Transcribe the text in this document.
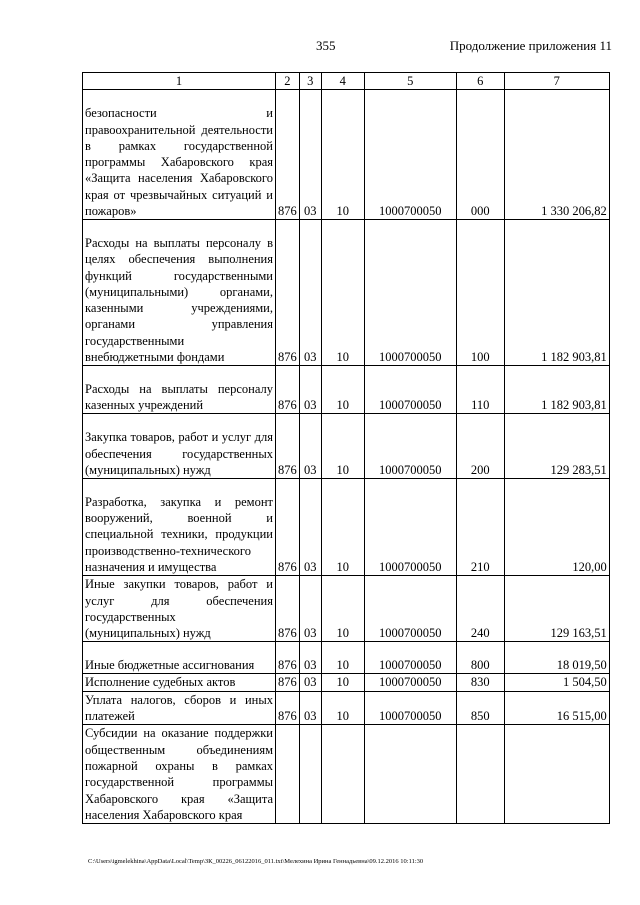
355	Продолжение приложения 11
1	2	3	4	5	6	7
безопасности и правоохранительной деятельности в рамках государственной программы Хабаровского края «Защита населения Хабаровского края от чрезвычайных ситуаций и пожаров»	876	03	10	1000700050	000	1 330 206,82
Расходы на выплаты персоналу в целях обеспечения выполнения функций государственными (муниципальными) органами, казенными учреждениями, органами управления государственными внебюджетными фондами	876	03	10	1000700050	100	1 182 903,81
Расходы на выплаты персоналу казенных учреждений	876	03	10	1000700050	110	1 182 903,81
Закупка товаров, работ и услуг для обеспечения государственных (муниципальных) нужд	876	03	10	1000700050	200	129 283,51
Разработка, закупка и ремонт вооружений, военной и специальной техники, продукции производственно-технического назначения и имущества	876	03	10	1000700050	210	120,00
Иные закупки товаров, работ и услуг для обеспечения государственных (муниципальных) нужд	876	03	10	1000700050	240	129 163,51
Иные бюджетные ассигнования	876	03	10	1000700050	800	18 019,50
Исполнение судебных актов	876	03	10	1000700050	830	1 504,50
Уплата налогов, сборов и иных платежей	876	03	10	1000700050	850	16 515,00
Субсидии на оказание поддержки общественным объединениям пожарной охраны в рамках государственной программы Хабаровского края «Защита населения Хабаровского края						
C:\Users\igmelekhina\AppData\Local\Temp\ЗК_00226_06122016_011.txt\Мелехина Ирина Геннадьевна\09.12.2016 10:11:30
